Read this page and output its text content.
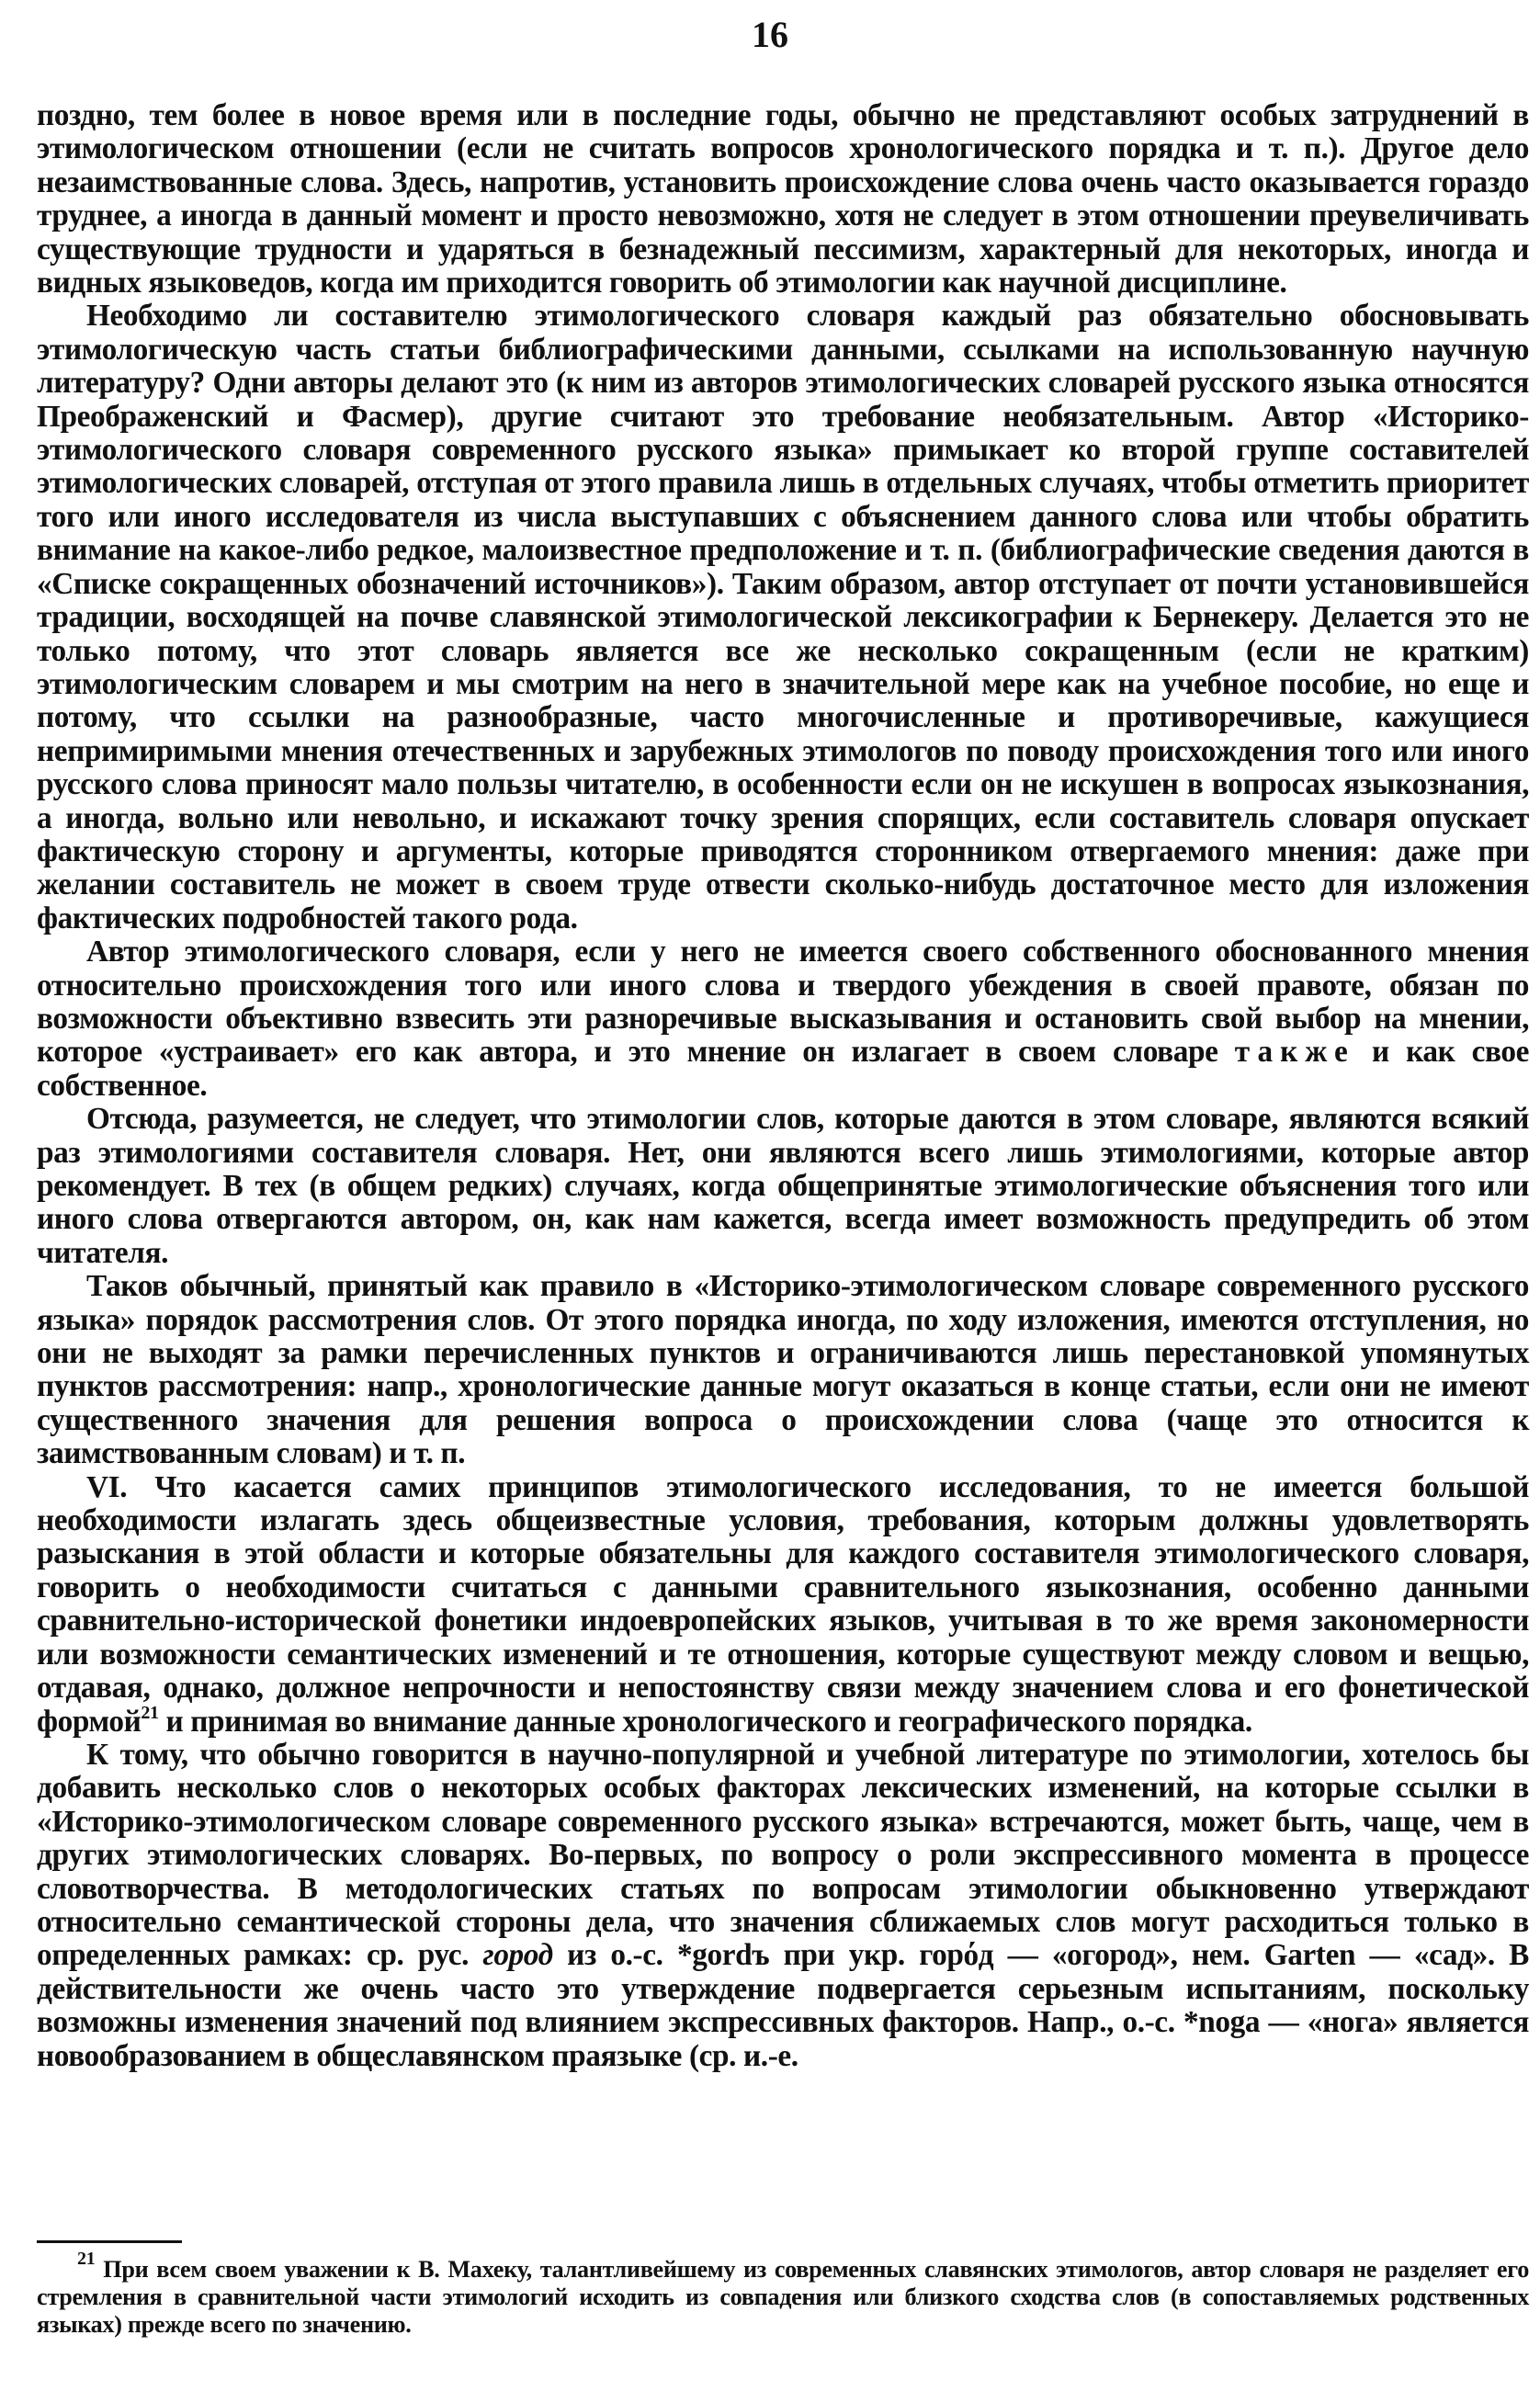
16

поздно, тем более в новое время или в последние годы, обычно не представляют особых затруднений в этимологическом отношении (если не считать вопросов хронологического порядка и т. п.). Другое дело незаимствованные слова. Здесь, напротив, установить происхождение слова очень часто оказывается гораздо труднее, а иногда в данный момент и просто невозможно, хотя не следует в этом отношении преувеличивать существующие трудности и ударяться в безнадежный пессимизм, характерный для некоторых, иногда и видных языковедов, когда им приходится говорить об этимологии как научной дисциплине.

Необходимо ли составителю этимологического словаря каждый раз обязательно обосновывать этимологическую часть статьи библиографическими данными, ссылками на использованную научную литературу? Одни авторы делают это (к ним из авторов этимологических словарей русского языка относятся Преображенский и Фасмер), другие считают это требование необязательным. Автор «Историко-этимологического словаря современного русского языка» примыкает ко второй группе составителей этимологических словарей, отступая от этого правила лишь в отдельных случаях, чтобы отметить приоритет того или иного исследователя из числа выступавших с объяснением данного слова или чтобы обратить внимание на какое-либо редкое, малоизвестное предположение и т. п. (библиографические сведения даются в «Списке сокращенных обозначений источников»). Таким образом, автор отступает от почти установившейся традиции, восходящей на почве славянской этимологической лексикографии к Бернекеру. Делается это не только потому, что этот словарь является все же несколько сокращенным (если не кратким) этимологическим словарем и мы смотрим на него в значительной мере как на учебное пособие, но еще и потому, что ссылки на разнообразные, часто многочисленные и противоречивые, кажущиеся непримиримыми мнения отечественных и зарубежных этимологов по поводу происхождения того или иного русского слова приносят мало пользы читателю, в особенности если он не искушен в вопросах языкознания, а иногда, вольно или невольно, и искажают точку зрения спорящих, если составитель словаря опускает фактическую сторону и аргументы, которые приводятся сторонником отвергаемого мнения: даже при желании составитель не может в своем труде отвести сколько-нибудь достаточное место для изложения фактических подробностей такого рода.

Автор этимологического словаря, если у него не имеется своего собственного обоснованного мнения относительно происхождения того или иного слова и твердого убеждения в своей правоте, обязан по возможности объективно взвесить эти разноречивые высказывания и остановить свой выбор на мнении, которое «устраивает» его как автора, и это мнение он излагает в своем словаре также и как свое собственное.

Отсюда, разумеется, не следует, что этимологии слов, которые даются в этом словаре, являются всякий раз этимологиями составителя словаря. Нет, они являются всего лишь этимологиями, которые автор рекомендует. В тех (в общем редких) случаях, когда общепринятые этимологические объяснения того или иного слова отвергаются автором, он, как нам кажется, всегда имеет возможность предупредить об этом читателя.

Таков обычный, принятый как правило в «Историко-этимологическом словаре современного русского языка» порядок рассмотрения слов. От этого порядка иногда, по ходу изложения, имеются отступления, но они не выходят за рамки перечисленных пунктов и ограничиваются лишь перестановкой упомянутых пунктов рассмотрения: напр., хронологические данные могут оказаться в конце статьи, если они не имеют существенного значения для решения вопроса о происхождении слова (чаще это относится к заимствованным словам) и т. п.

VI. Что касается самих принципов этимологического исследования, то не имеется большой необходимости излагать здесь общеизвестные условия, требования, которым должны удовлетворять разыскания в этой области и которые обязательны для каждого составителя этимологического словаря, говорить о необходимости считаться с данными сравнительного языкознания, особенно данными сравнительно-исторической фонетики индоевропейских языков, учитывая в то же время закономерности или возможности семантических изменений и те отношения, которые существуют между словом и вещью, отдавая, однако, должное непрочности и непостоянству связи между значением слова и его фонетической формой$^{21}$ и принимая во внимание данные хронологического и географического порядка.

К тому, что обычно говорится в научно-популярной и учебной литературе по этимологии, хотелось бы добавить несколько слов о некоторых особых факторах лексических изменений, на которые ссылки в «Историко-этимологическом словаре современного русского языка» встречаются, может быть, чаще, чем в других этимологических словарях. Во-первых, по вопросу о роли экспрессивного момента в процессе словотворчества. В методологических статьях по вопросам этимологии обыкновенно утверждают относительно семантической стороны дела, что значения сближаемых слов могут расходиться только в определенных рамках: ср. рус. город из о.-с. *gordъ при укр. горόд — «огород», нем. Garten — «сад». В действительности же очень часто это утверждение подвергается серьезным испытаниям, поскольку возможны изменения значений под влиянием экспрессивных факторов. Напр., о.-с. *noga — «нога» является новообразованием в общеславянском праязыке (ср. и.-е.

$^{21}$ При всем своем уважении к В. Махеку, талантливейшему из современных славянских этимологов, автор словаря не разделяет его стремления в сравнительной части этимологий исходить из совпадения или близкого сходства слов (в сопоставляемых родственных языках) прежде всего по значению.
